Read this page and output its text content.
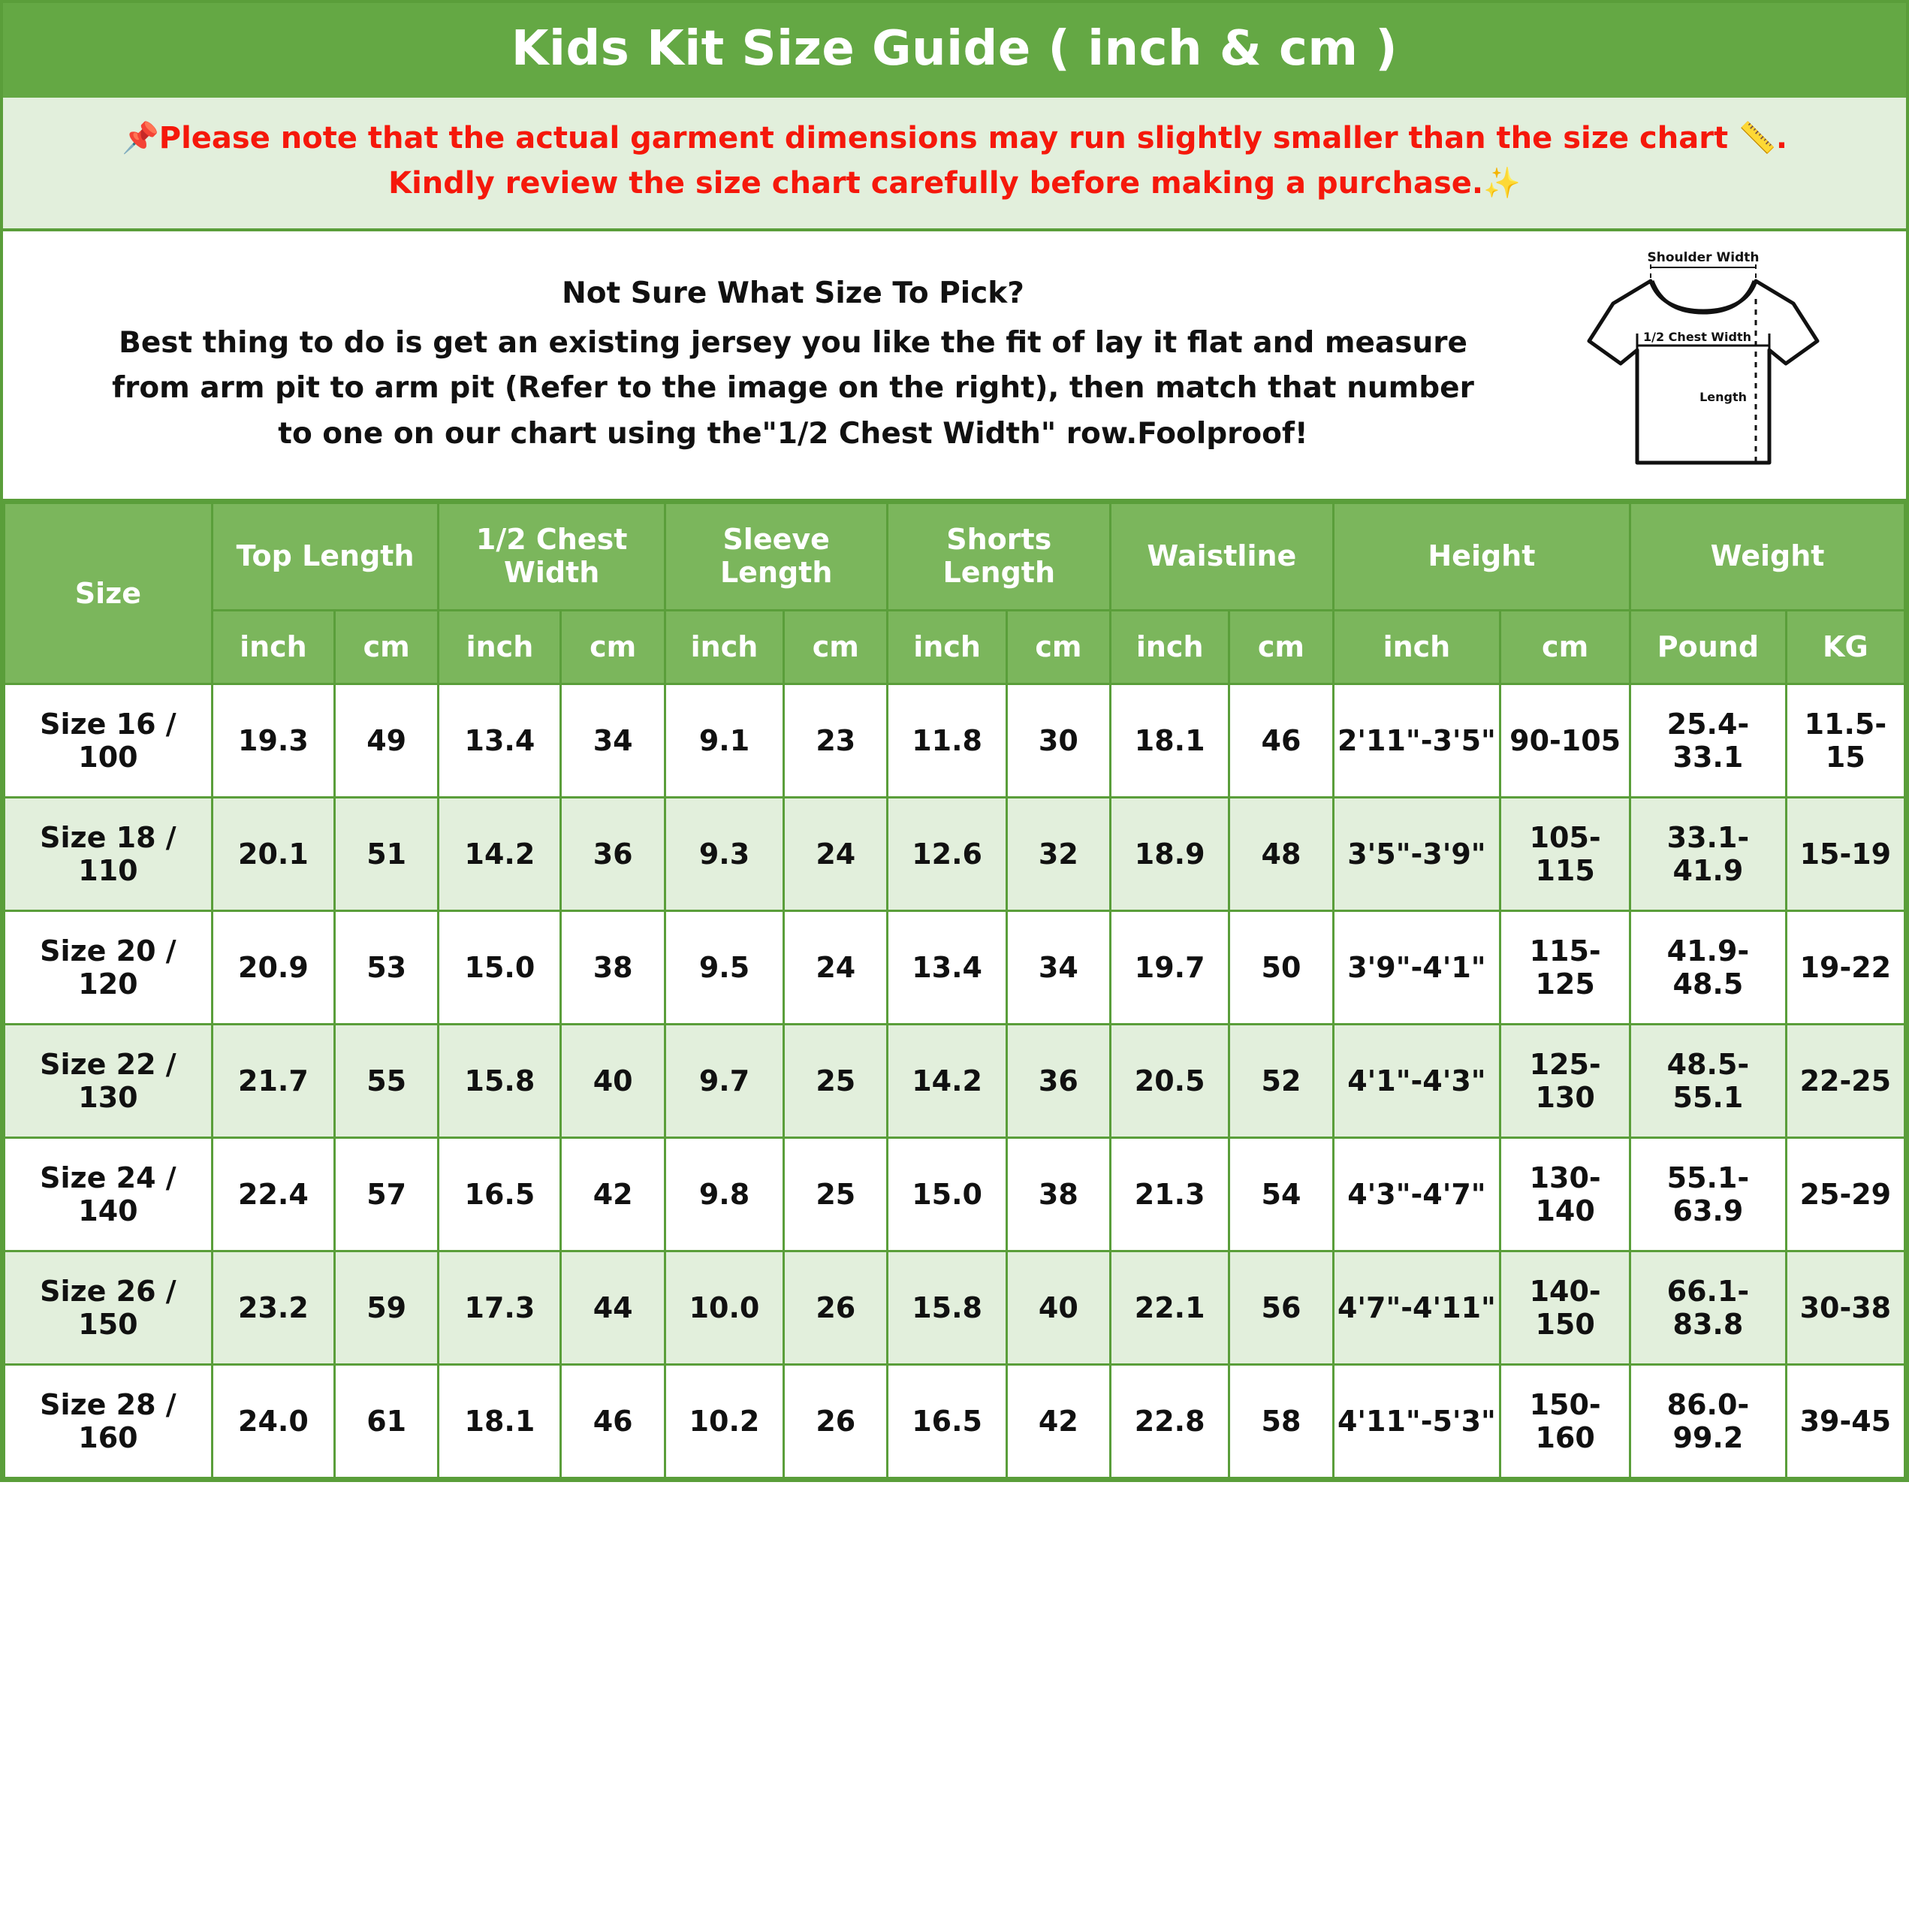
Kids Kit Size Guide ( inch & cm )
📌Please note that the actual garment dimensions may run slightly smaller than the size chart 📏.
Kindly review the size chart carefully before making a purchase.✨
Not Sure What Size To Pick?
Best thing to do is get an existing jersey you like the fit of lay it flat and measure
from arm pit to arm pit (Refer to the image on the right), then match that number
to one on our chart using the"1/2 Chest Width" row.Foolproof!
Shoulder Width
1/2 Chest Width
Length
Size	Top Length		1/2 Chest Width		Sleeve Length		Shorts Length		Waistline		Height		Weight	
	inch	cm	inch	cm	inch	cm	inch	cm	inch	cm	inch	cm	Pound	KG
Size 16 / 100	19.3	49	13.4	34	9.1	23	11.8	30	18.1	46	2'11"-3'5"	90-105	25.4-33.1	11.5-15
Size 18 / 110	20.1	51	14.2	36	9.3	24	12.6	32	18.9	48	3'5"-3'9"	105-115	33.1-41.9	15-19
Size 20 / 120	20.9	53	15.0	38	9.5	24	13.4	34	19.7	50	3'9"-4'1"	115-125	41.9-48.5	19-22
Size 22 / 130	21.7	55	15.8	40	9.7	25	14.2	36	20.5	52	4'1"-4'3"	125-130	48.5-55.1	22-25
Size 24 / 140	22.4	57	16.5	42	9.8	25	15.0	38	21.3	54	4'3"-4'7"	130-140	55.1-63.9	25-29
Size 26 / 150	23.2	59	17.3	44	10.0	26	15.8	40	22.1	56	4'7"-4'11"	140-150	66.1-83.8	30-38
Size 28 / 160	24.0	61	18.1	46	10.2	26	16.5	42	22.8	58	4'11"-5'3"	150-160	86.0-99.2	39-45
